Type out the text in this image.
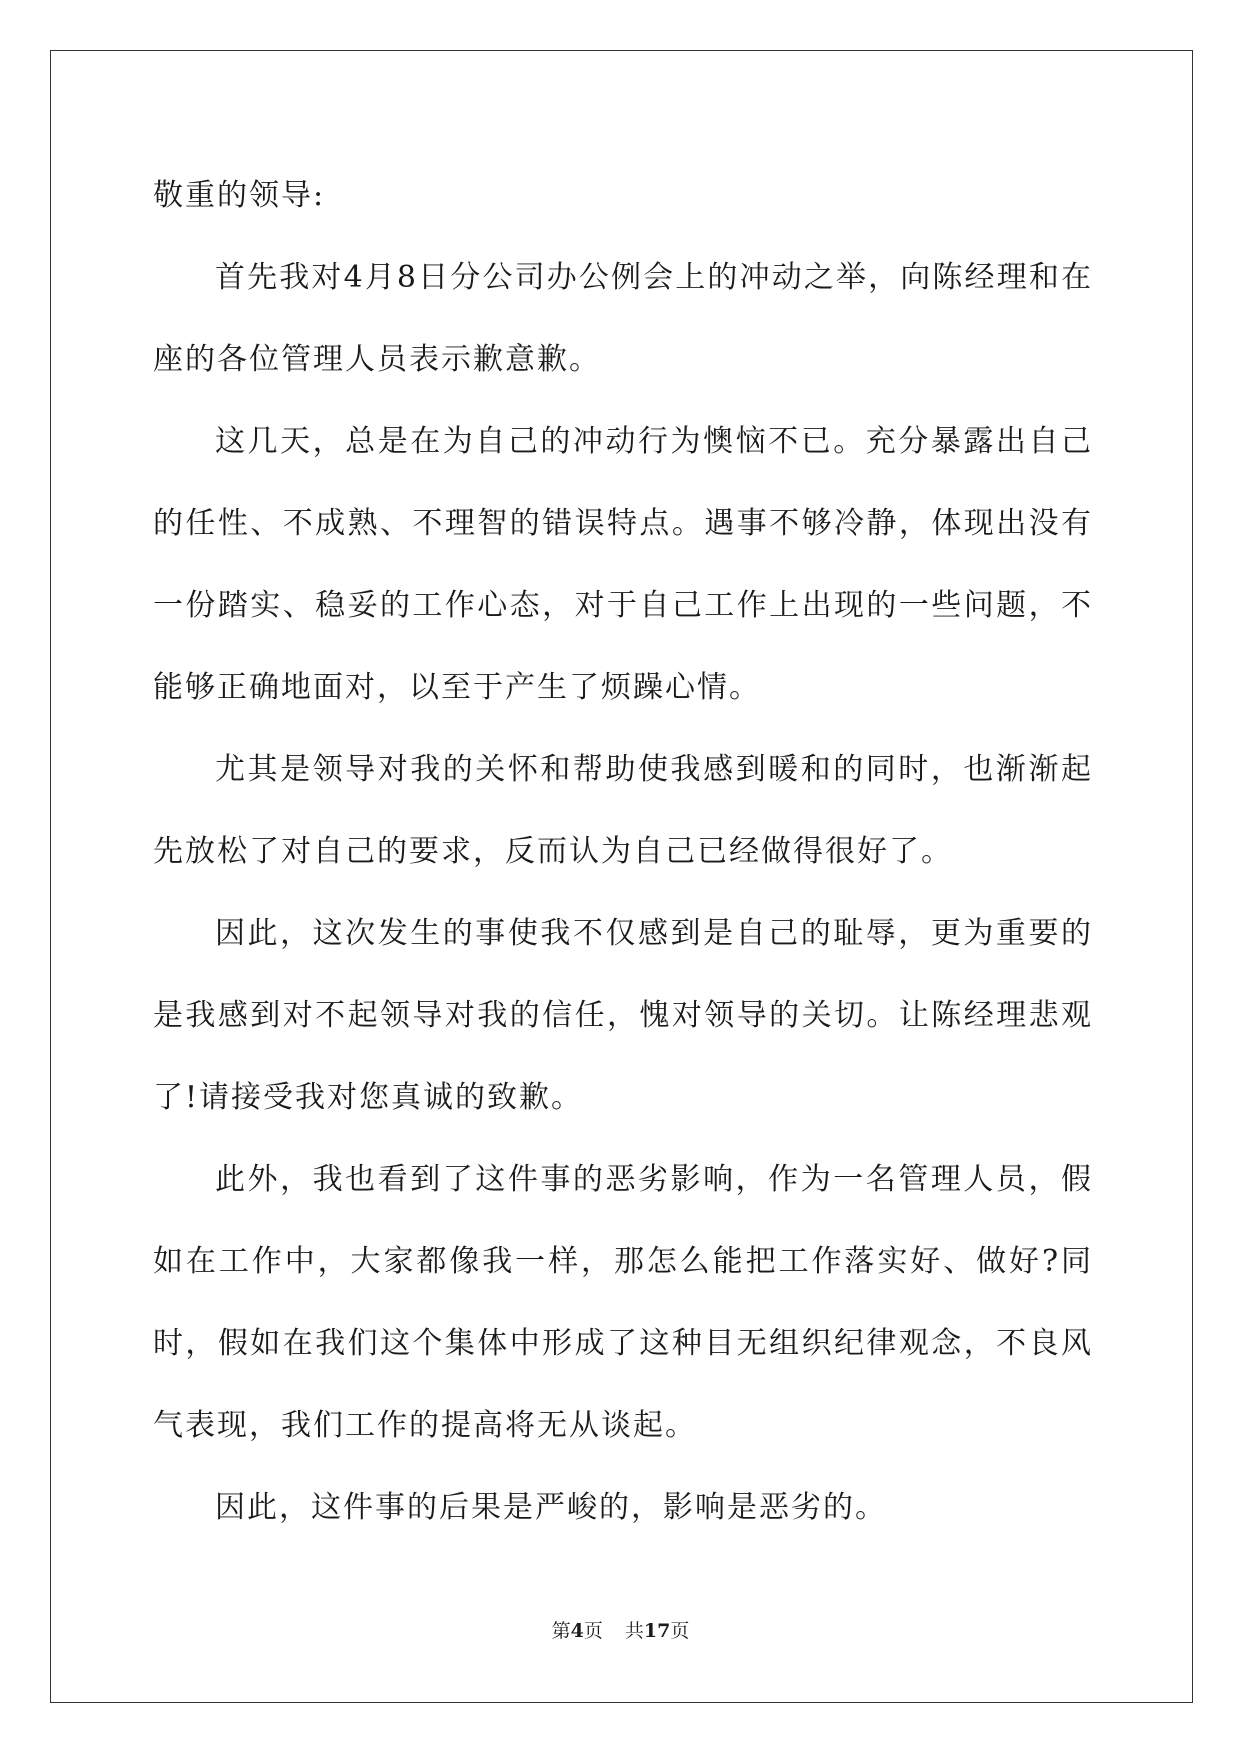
敬重的领导:

首先我对4月8日分公司办公例会上的冲动之举，向陈经理和在座的各位管理人员表示歉意歉。

这几天，总是在为自己的冲动行为懊恼不已。充分暴露出自己的任性、不成熟、不理智的错误特点。遇事不够冷静，体现出没有一份踏实、稳妥的工作心态，对于自己工作上出现的一些问题，不能够正确地面对，以至于产生了烦躁心情。

尤其是领导对我的关怀和帮助使我感到暖和的同时，也渐渐起先放松了对自己的要求，反而认为自己已经做得很好了。

因此，这次发生的事使我不仅感到是自己的耻辱，更为重要的是我感到对不起领导对我的信任，愧对领导的关切。让陈经理悲观了!请接受我对您真诚的致歉。

此外，我也看到了这件事的恶劣影响，作为一名管理人员，假如在工作中，大家都像我一样，那怎么能把工作落实好、做好?同时，假如在我们这个集体中形成了这种目无组织纪律观念，不良风气表现，我们工作的提高将无从谈起。

因此，这件事的后果是严峻的，影响是恶劣的。

第4页 共17页
